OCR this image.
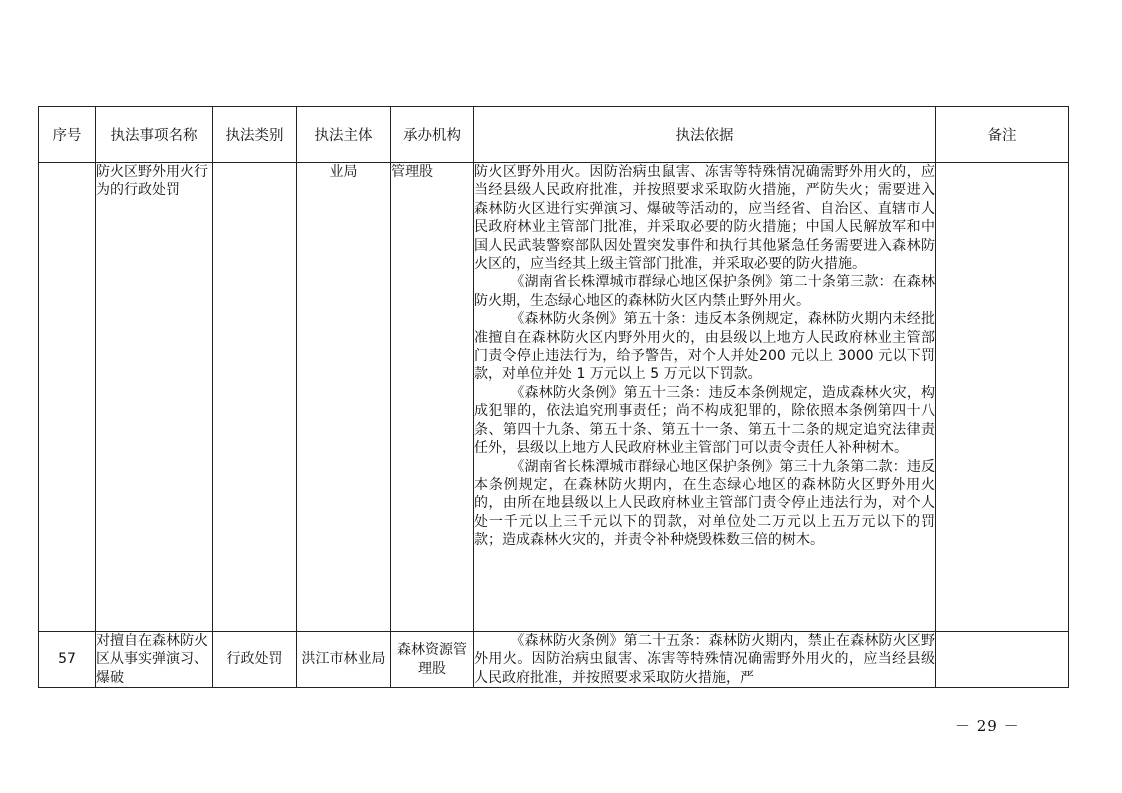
序号	执法事项名称	执法类别	执法主体	承办机构	执法依据	备注
	防火区野外用火行为的行政处罚		业局	管理股	防火区野外用火。因防治病虫鼠害、冻害等特殊情况确需野外用火的，应当经县级人民政府批准，并按照要求采取防火措施，严防失火；需要进入森林防火区进行实弹演习、爆破等活动的，应当经省、自治区、直辖市人民政府林业主管部门批准，并采取必要的防火措施；中国人民解放军和中国人民武装警察部队因处置突发事件和执行其他紧急任务需要进入森林防火区的，应当经其上级主管部门批准，并采取必要的防火措施。

《湖南省长株潭城市群绿心地区保护条例》第二十条第三款：在森林防火期，生态绿心地区的森林防火区内禁止野外用火。

《森林防火条例》第五十条：违反本条例规定，森林防火期内未经批准擅自在森林防火区内野外用火的，由县级以上地方人民政府林业主管部门责令停止违法行为，给予警告，对个人并处200 元以上 3000 元以下罚款，对单位并处 1 万元以上 5 万元以下罚款。

《森林防火条例》第五十三条：违反本条例规定，造成森林火灾，构成犯罪的，依法追究刑事责任；尚不构成犯罪的，除依照本条例第四十八条、第四十九条、第五十条、第五十一条、第五十二条的规定追究法律责任外，县级以上地方人民政府林业主管部门可以责令责任人补种树木。

《湖南省长株潭城市群绿心地区保护条例》第三十九条第二款：违反本条例规定，在森林防火期内，在生态绿心地区的森林防火区野外用火的，由所在地县级以上人民政府林业主管部门责令停止违法行为，对个人处一千元以上三千元以下的罚款，对单位处二万元以上五万元以下的罚款；造成森林火灾的，并责令补种烧毁株数三倍的树木。	

57	对擅自在森林防火区从事实弹演习、爆破	行政处罚	洪江市林业局	森林资源管理股	《森林防火条例》第二十五条：森林防火期内，禁止在森林防火区野外用火。因防治病虫鼠害、冻害等特殊情况确需野外用火的，应当经县级人民政府批准，并按照要求采取防火措施，严	

－ 29 －
